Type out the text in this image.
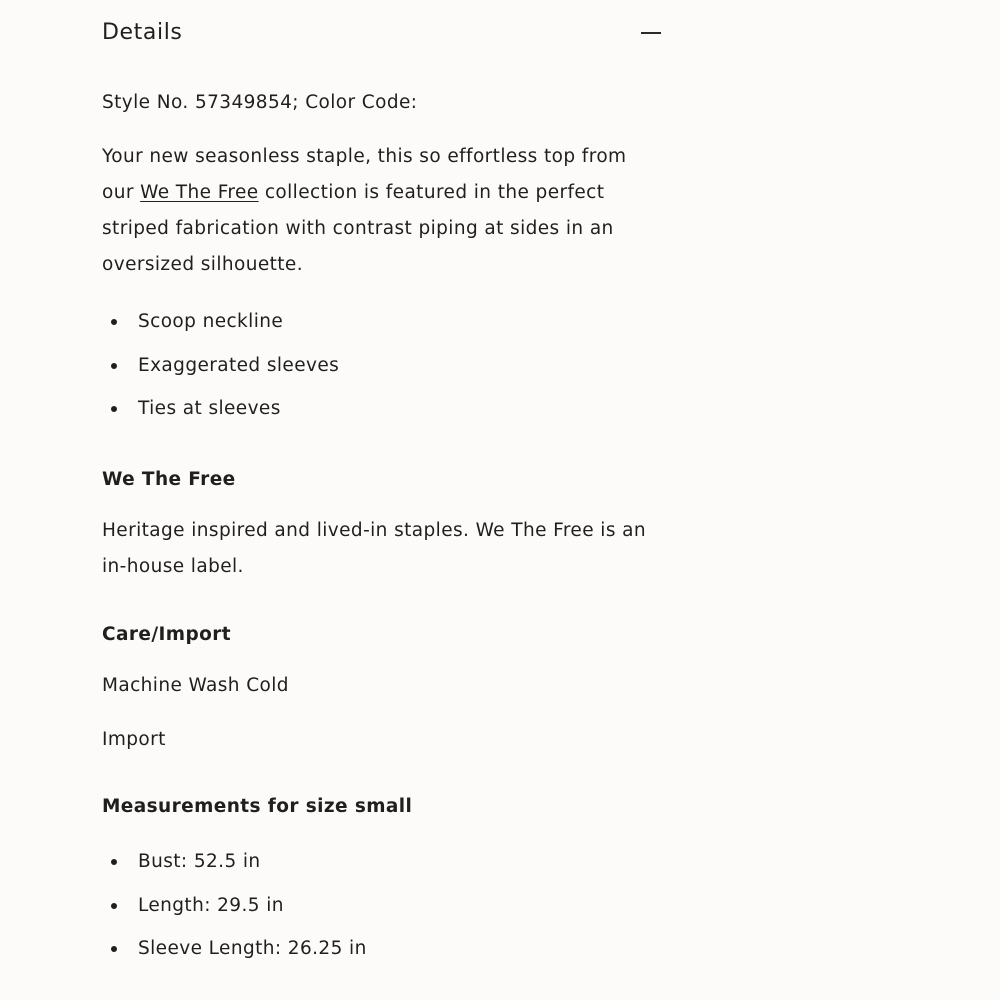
Details

Style No. 57349854; Color Code:

Your new seasonless staple, this so effortless top from our We The Free collection is featured in the perfect striped fabrication with contrast piping at sides in an oversized silhouette.

Scoop neckline
Exaggerated sleeves
Ties at sleeves
We The Free

Heritage inspired and lived-in staples. We The Free is an in-house label.

Care/Import

Machine Wash Cold

Import

Measurements for size small
Bust: 52.5 in
Length: 29.5 in
Sleeve Length: 26.25 in
